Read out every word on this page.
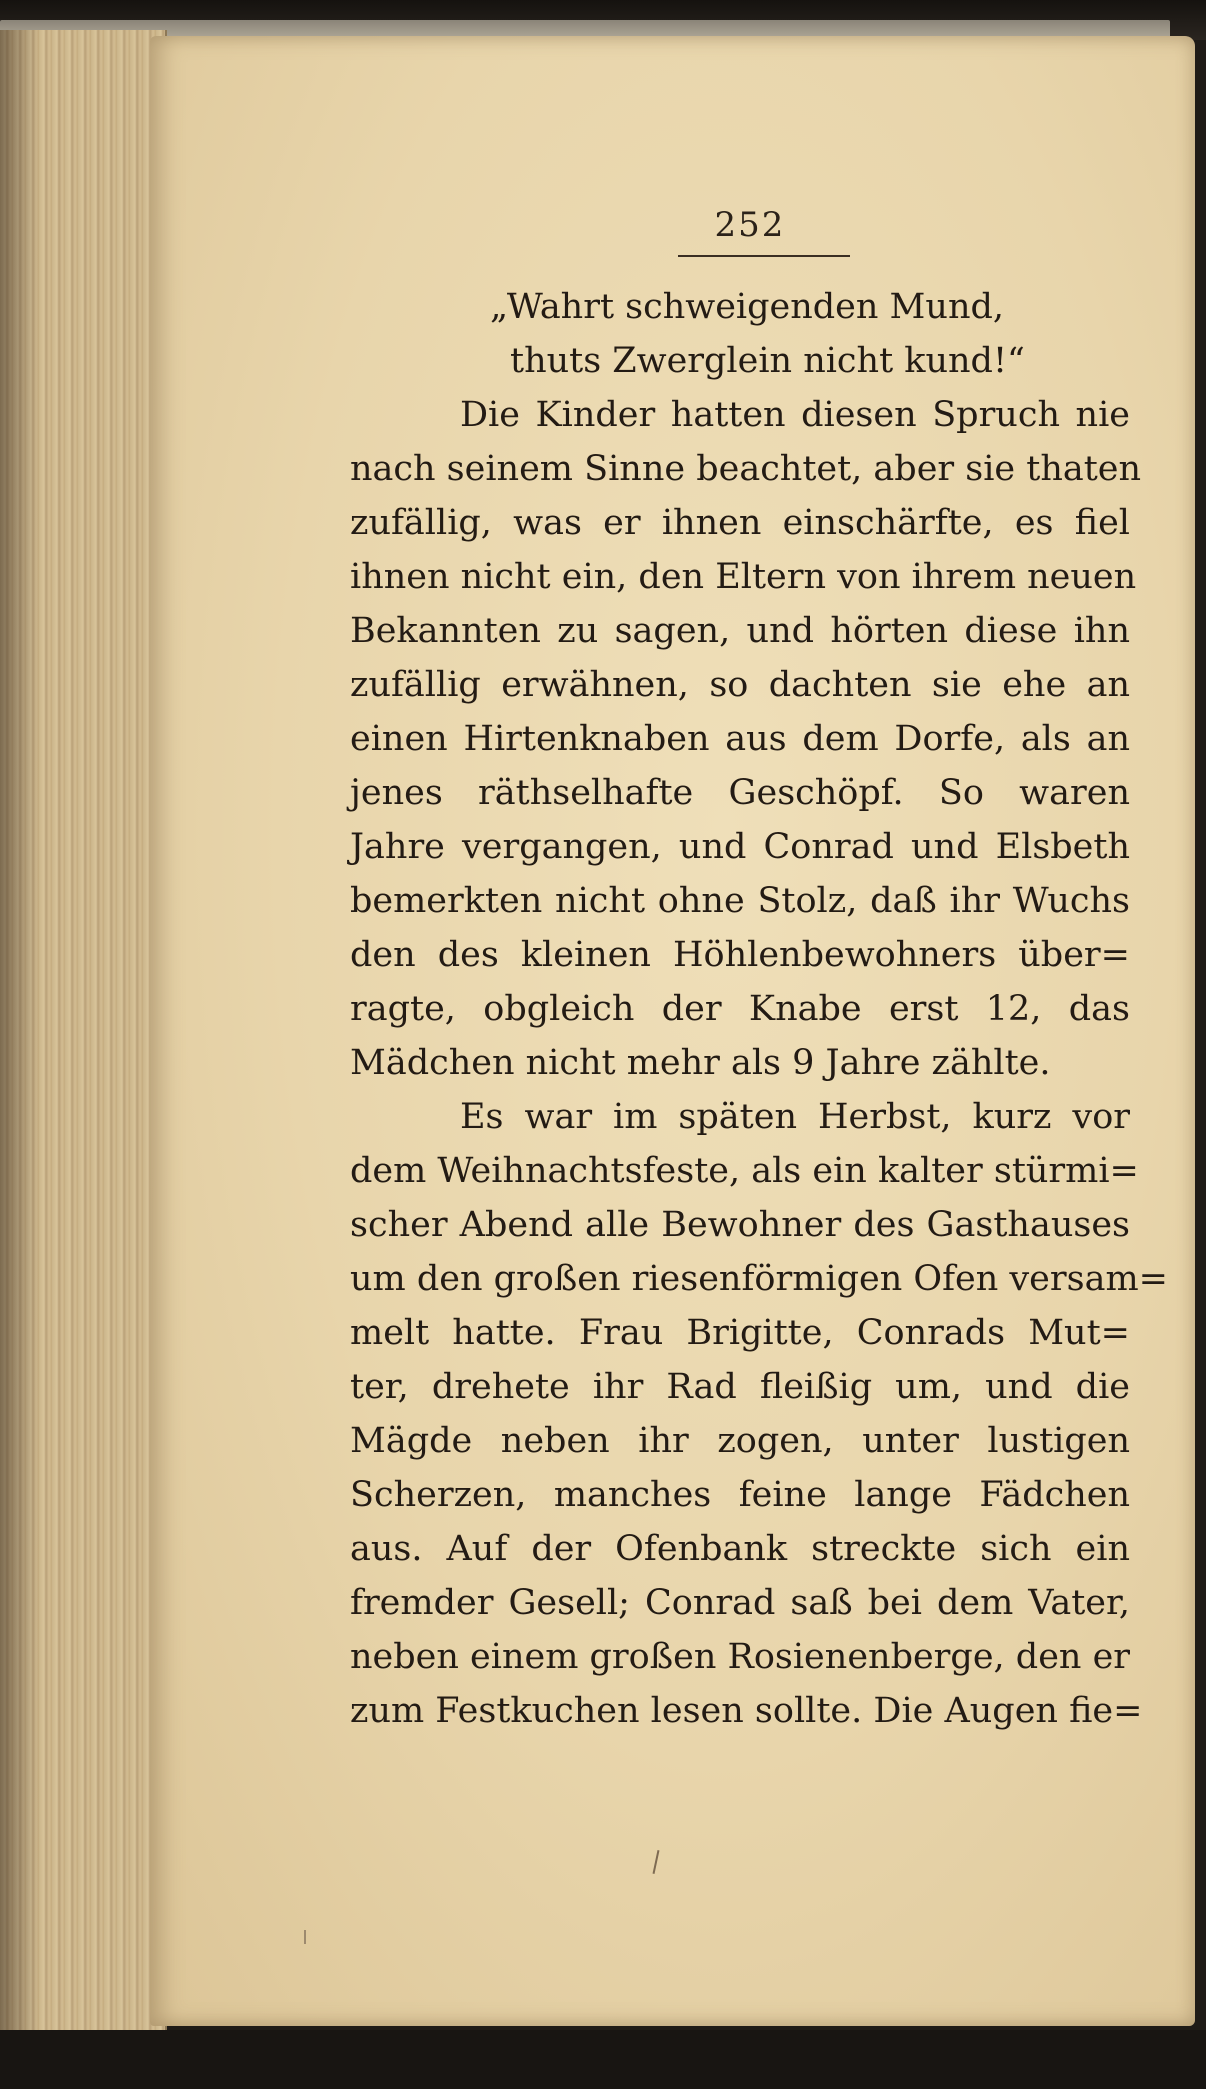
252
„Wahrt schweigenden Mund,
thuts Zwerglein nicht kund!“
Die Kinder hatten diesen Spruch nie
nach seinem Sinne beachtet, aber sie thaten
zufällig, was er ihnen einschärfte, es fiel
ihnen nicht ein, den Eltern von ihrem neuen
Bekannten zu sagen, und hörten diese ihn
zufällig erwähnen, so dachten sie ehe an
einen Hirtenknaben aus dem Dorfe, als an
jenes räthselhafte Geschöpf. So waren
Jahre vergangen, und Conrad und Elsbeth
bemerkten nicht ohne Stolz, daß ihr Wuchs
den des kleinen Höhlenbewohners über=
ragte, obgleich der Knabe erst 12, das
Mädchen nicht mehr als 9 Jahre zählte.
Es war im späten Herbst, kurz vor
dem Weihnachtsfeste, als ein kalter stürmi=
scher Abend alle Bewohner des Gasthauses
um den großen riesenförmigen Ofen versam=
melt hatte. Frau Brigitte, Conrads Mut=
ter, drehete ihr Rad fleißig um, und die
Mägde neben ihr zogen, unter lustigen
Scherzen, manches feine lange Fädchen
aus. Auf der Ofenbank streckte sich ein
fremder Gesell; Conrad saß bei dem Vater,
neben einem großen Rosienenberge, den er
zum Festkuchen lesen sollte. Die Augen fie=
